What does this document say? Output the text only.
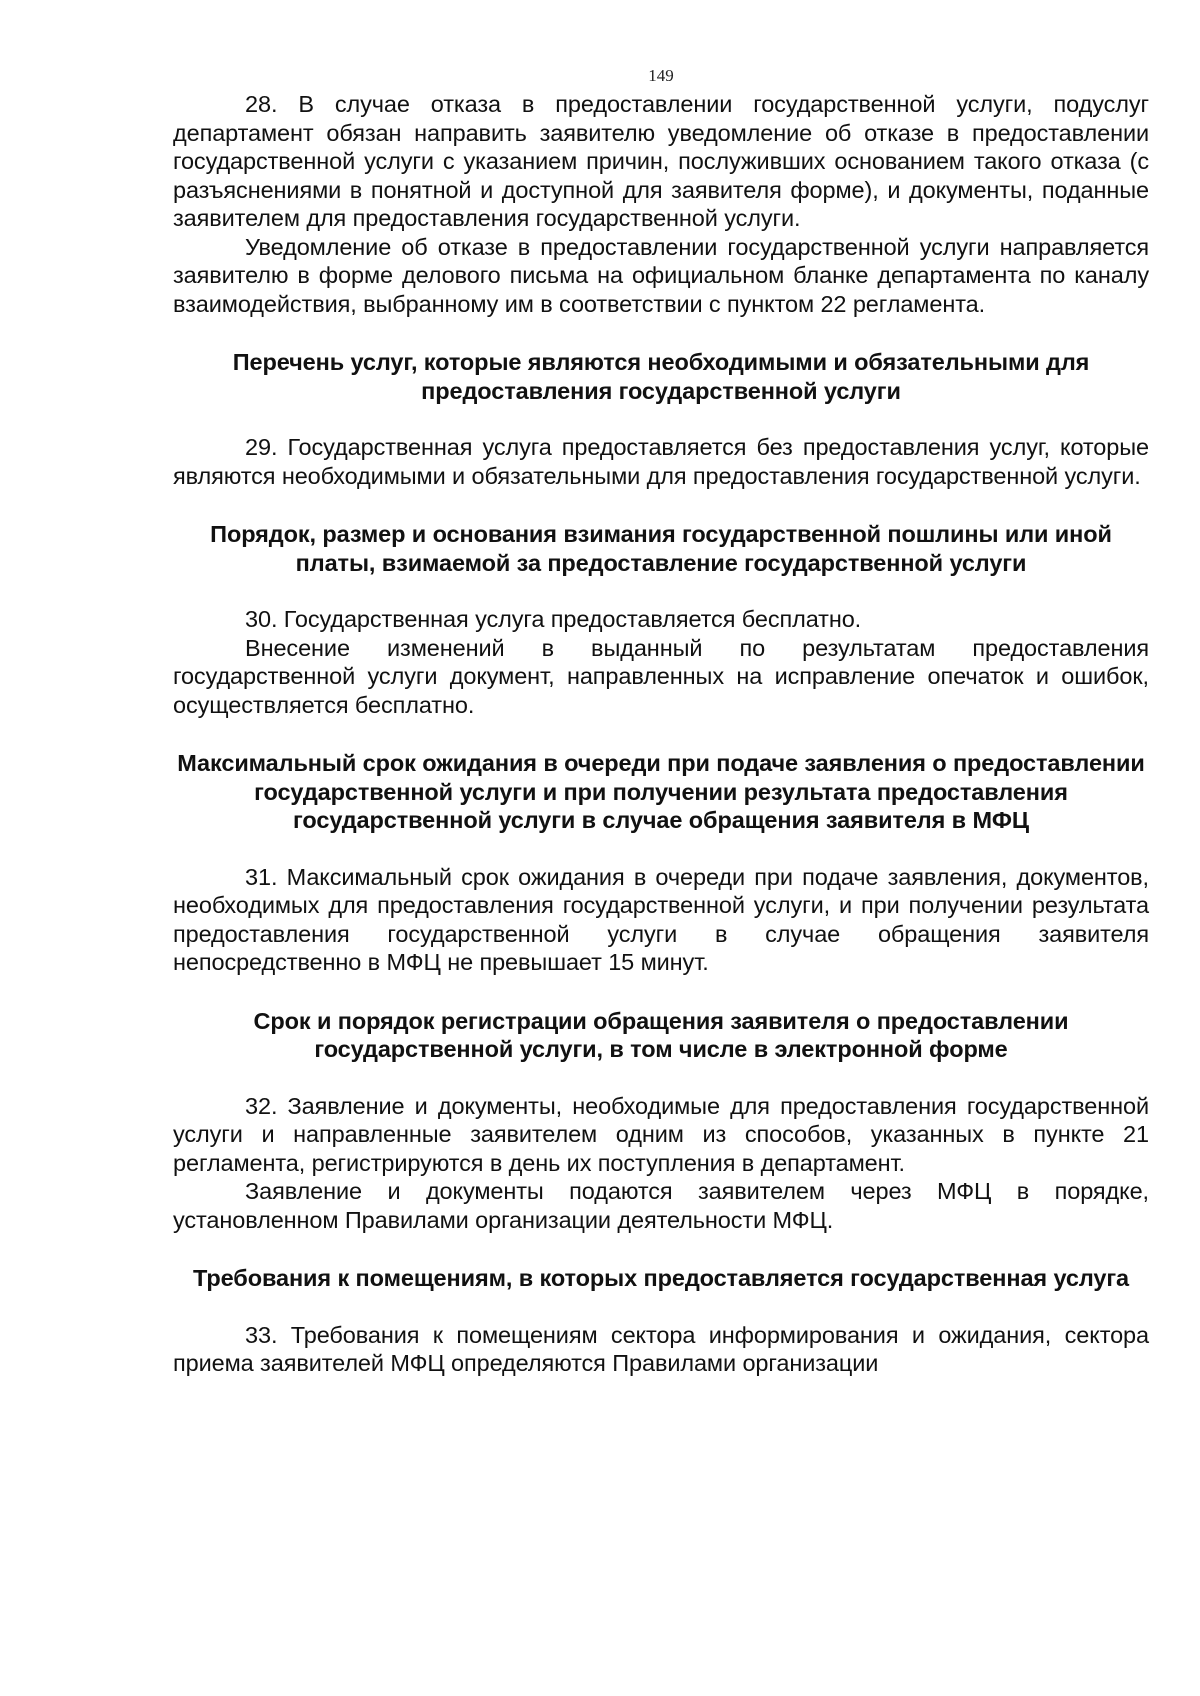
149

28. В случае отказа в предоставлении государственной услуги, подуслуг департамент обязан направить заявителю уведомление об отказе в предоставлении государственной услуги с указанием причин, послуживших основанием такого отказа (с разъяснениями в понятной и доступной для заявителя форме), и документы, поданные заявителем для предоставления государственной услуги.

Уведомление об отказе в предоставлении государственной услуги направляется заявителю в форме делового письма на официальном бланке департамента по каналу взаимодействия, выбранному им в соответствии с пунктом 22 регламента.

Перечень услуг, которые являются необходимыми и обязательными для предоставления государственной услуги

29. Государственная услуга предоставляется без предоставления услуг, которые являются необходимыми и обязательными для предоставления государственной услуги.

Порядок, размер и основания взимания государственной пошлины или иной платы, взимаемой за предоставление государственной услуги

30. Государственная услуга предоставляется бесплатно.

Внесение изменений в выданный по результатам предоставления государственной услуги документ, направленных на исправление опечаток и ошибок, осуществляется бесплатно.

Максимальный срок ожидания в очереди при подаче заявления о предоставлении государственной услуги и при получении результата предоставления государственной услуги в случае обращения заявителя в МФЦ

31. Максимальный срок ожидания в очереди при подаче заявления, документов, необходимых для предоставления государственной услуги, и при получении результата предоставления государственной услуги в случае обращения заявителя непосредственно в МФЦ не превышает 15 минут.

Срок и порядок регистрации обращения заявителя о предоставлении государственной услуги, в том числе в электронной форме

32. Заявление и документы, необходимые для предоставления государственной услуги и направленные заявителем одним из способов, указанных в пункте 21 регламента, регистрируются в день их поступления в департамент.

Заявление и документы подаются заявителем через МФЦ в порядке, установленном Правилами организации деятельности МФЦ.

Требования к помещениям, в которых предоставляется государственная услуга

33. Требования к помещениям сектора информирования и ожидания, сектора приема заявителей МФЦ определяются Правилами организации
